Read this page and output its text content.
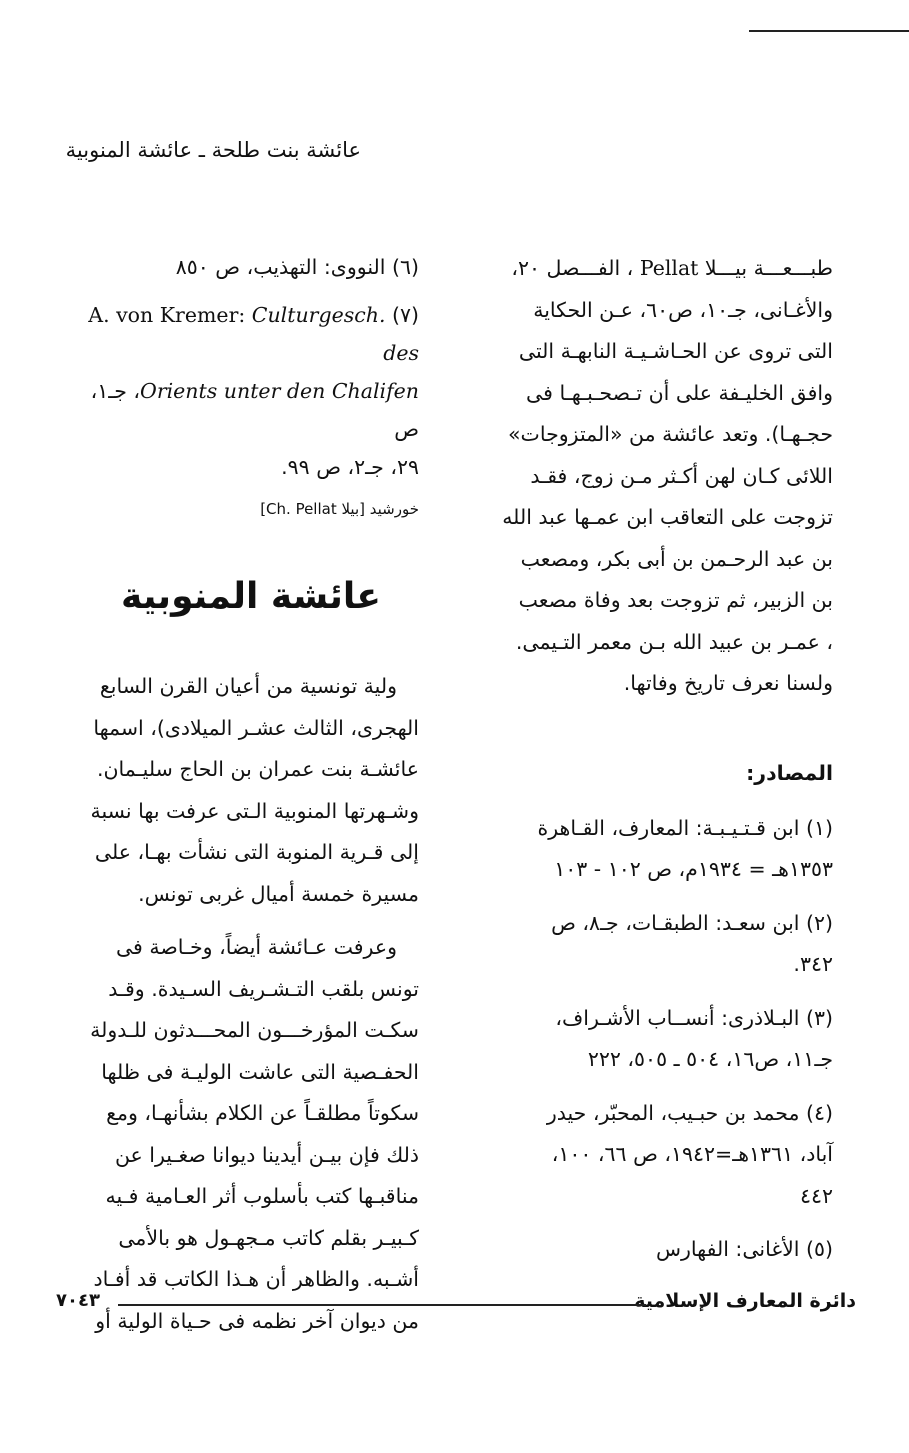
عائشة بنت طلحة ـ عائشة المنوبية
طبـــعـــة بيـــلا Pellat ، الفـــصل ٢٠،
والأغـانى، جـ١٠، ص٦٠، عـن الحكاية
التى تروى عن الحـاشـيـة النابهـة التى
وافق الخليـفة على أن تـصحـبـهـا فى
حجـهـا). وتعد عائشة من «المتزوجات»
اللائى كـان لهن أكـثر مـن زوج، فقـد
تزوجت على التعاقب ابن عمـها عبد الله
بن عبد الرحـمن بن أبى بكر، ومصعب
بن الزبير، ثم تزوجت بعد وفاة مصعب
، عمـر بن عبيد الله بـن معمر التـيمى.
ولسنا نعرف تاريخ وفاتها.
المصادر:
(١) ابن قـتـيـبـة: المعارف، القـاهرة
١٣٥٣هـ = ١٩٣٤م، ص ١٠٢ - ١٠٣
(٢) ابن سعـد: الطبقـات، جـ٨، ص
٣٤٢.
(٣) البـلاذرى: أنســاب الأشـراف،
جـ١١، ص١٦، ٥٠٤ ـ ٥٠٥، ٢٢٢
(٤) محمد بن حبـيب، المحبّر، حيدر
آباد، ١٣٦١هـ=١٩٤٢، ص ٦٦، ١٠٠،
٤٤٢
(٥) الأغانى: الفهارس
(٦) النووى: التهذيب، ص ٨٥٠
(٧) A. von Kremer: Culturgesch. des
Orients unter den Chalifen، جـ١، ص
٢٩، جـ٢، ص ٩٩.
خورشيد [بيلا Ch. Pellat]
عائشة المنوبية
ولية تونسية من أعيان القرن السابع
الهجرى، الثالث عشـر الميلادى)، اسمها
عائشـة بنت عمران بن الحاج سليـمان.
وشـهرتها المنوبية الـتى عرفت بها نسبة
إلى قـرية المنوبة التى نشأت بهـا، على
مسيرة خمسة أميال غربى تونس.
وعرفت عـائشة أيضاً، وخـاصة فى
تونس بلقب التـشـريف السـيدة. وقـد
سكـت المؤرخـــون المحـــدثون للـدولة
الحفـصية التى عاشت الوليـة فى ظلها
سكوتاً مطلقـاً عن الكلام بشأنهـا، ومع
ذلك فإن بيـن أيدينا ديوانا صغـيرا عن
مناقبـها كتب بأسلوب أثر العـامية فـيه
كـبيـر بقلم كاتب مـجهـول هو بالأمى
أشـبه. والظاهر أن هـذا الكاتب قد أفـاد
من ديوان آخر نظمه فى حـياة الولية أو
دائرة المعارف الإسلامية
٧٠٤٣
